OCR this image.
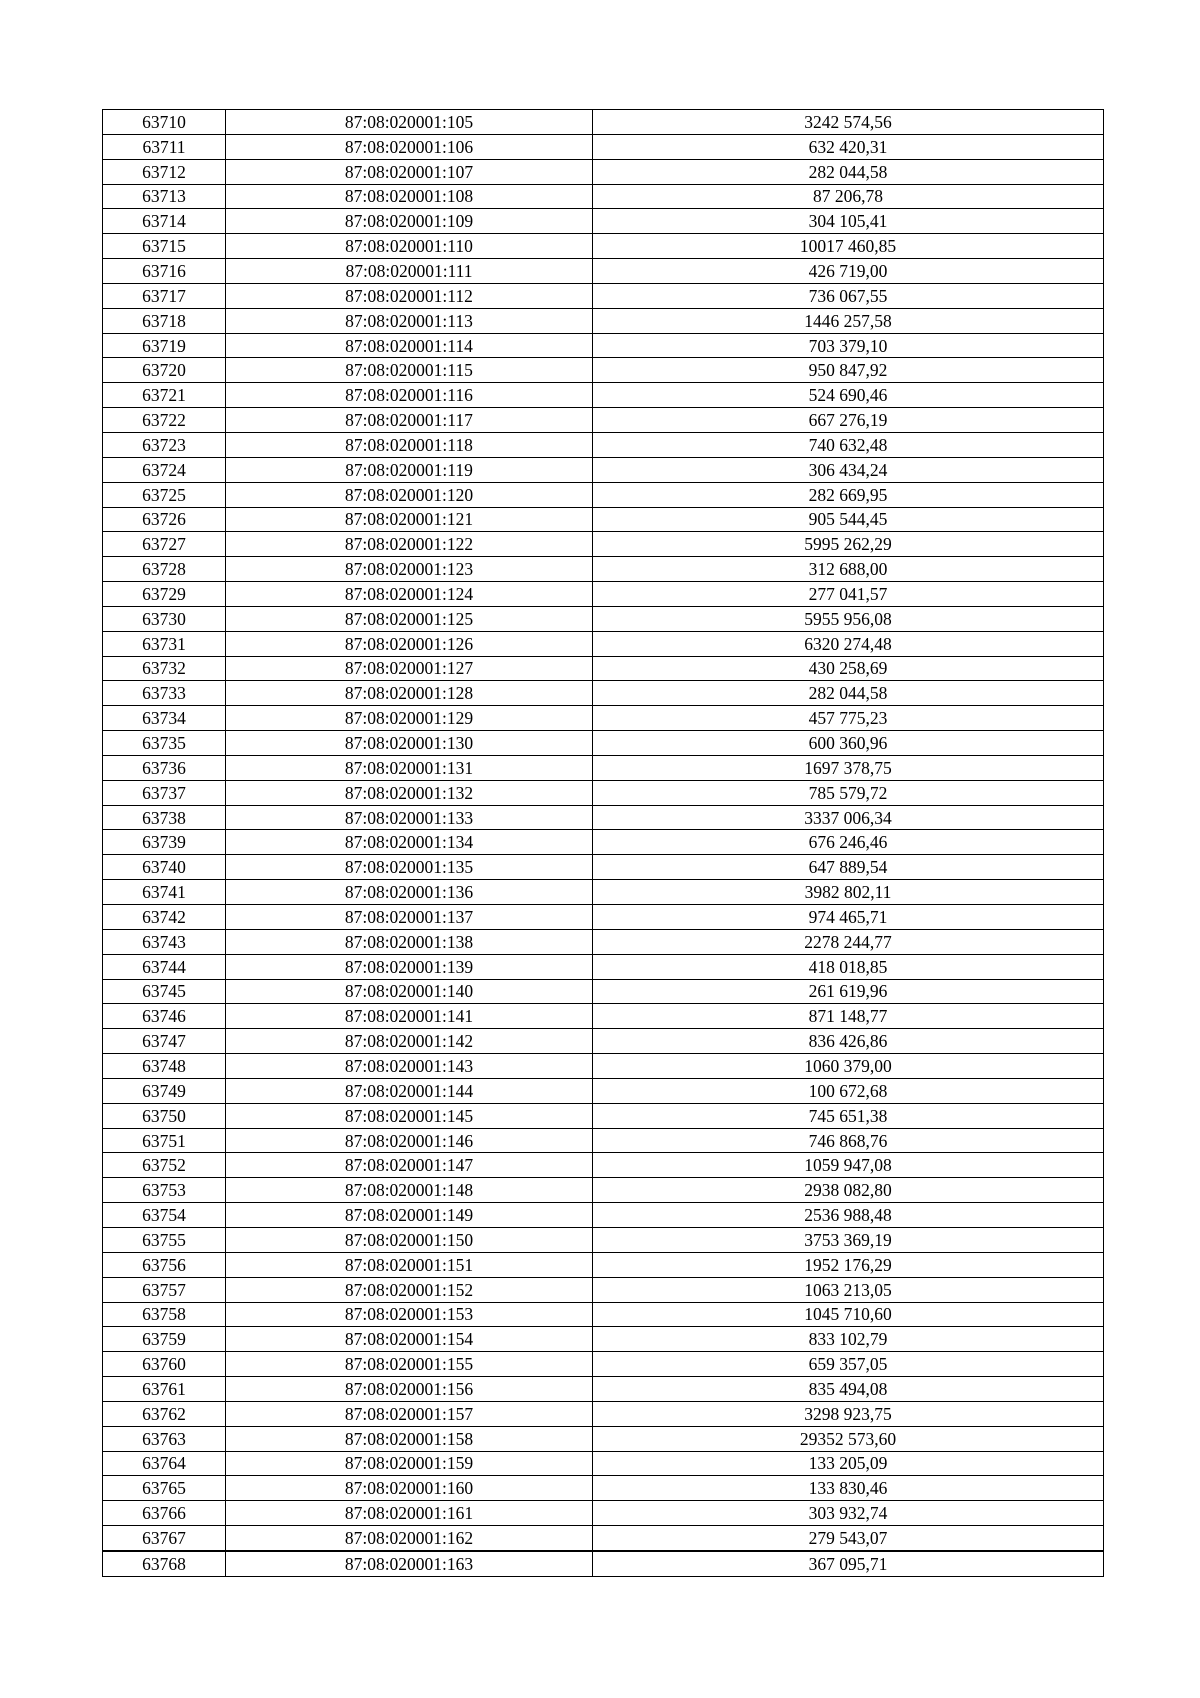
63710	87:08:020001:105	3242 574,56
63711	87:08:020001:106	632 420,31
63712	87:08:020001:107	282 044,58
63713	87:08:020001:108	87 206,78
63714	87:08:020001:109	304 105,41
63715	87:08:020001:110	10017 460,85
63716	87:08:020001:111	426 719,00
63717	87:08:020001:112	736 067,55
63718	87:08:020001:113	1446 257,58
63719	87:08:020001:114	703 379,10
63720	87:08:020001:115	950 847,92
63721	87:08:020001:116	524 690,46
63722	87:08:020001:117	667 276,19
63723	87:08:020001:118	740 632,48
63724	87:08:020001:119	306 434,24
63725	87:08:020001:120	282 669,95
63726	87:08:020001:121	905 544,45
63727	87:08:020001:122	5995 262,29
63728	87:08:020001:123	312 688,00
63729	87:08:020001:124	277 041,57
63730	87:08:020001:125	5955 956,08
63731	87:08:020001:126	6320 274,48
63732	87:08:020001:127	430 258,69
63733	87:08:020001:128	282 044,58
63734	87:08:020001:129	457 775,23
63735	87:08:020001:130	600 360,96
63736	87:08:020001:131	1697 378,75
63737	87:08:020001:132	785 579,72
63738	87:08:020001:133	3337 006,34
63739	87:08:020001:134	676 246,46
63740	87:08:020001:135	647 889,54
63741	87:08:020001:136	3982 802,11
63742	87:08:020001:137	974 465,71
63743	87:08:020001:138	2278 244,77
63744	87:08:020001:139	418 018,85
63745	87:08:020001:140	261 619,96
63746	87:08:020001:141	871 148,77
63747	87:08:020001:142	836 426,86
63748	87:08:020001:143	1060 379,00
63749	87:08:020001:144	100 672,68
63750	87:08:020001:145	745 651,38
63751	87:08:020001:146	746 868,76
63752	87:08:020001:147	1059 947,08
63753	87:08:020001:148	2938 082,80
63754	87:08:020001:149	2536 988,48
63755	87:08:020001:150	3753 369,19
63756	87:08:020001:151	1952 176,29
63757	87:08:020001:152	1063 213,05
63758	87:08:020001:153	1045 710,60
63759	87:08:020001:154	833 102,79
63760	87:08:020001:155	659 357,05
63761	87:08:020001:156	835 494,08
63762	87:08:020001:157	3298 923,75
63763	87:08:020001:158	29352 573,60
63764	87:08:020001:159	133 205,09
63765	87:08:020001:160	133 830,46
63766	87:08:020001:161	303 932,74
63767	87:08:020001:162	279 543,07
63768	87:08:020001:163	367 095,71
